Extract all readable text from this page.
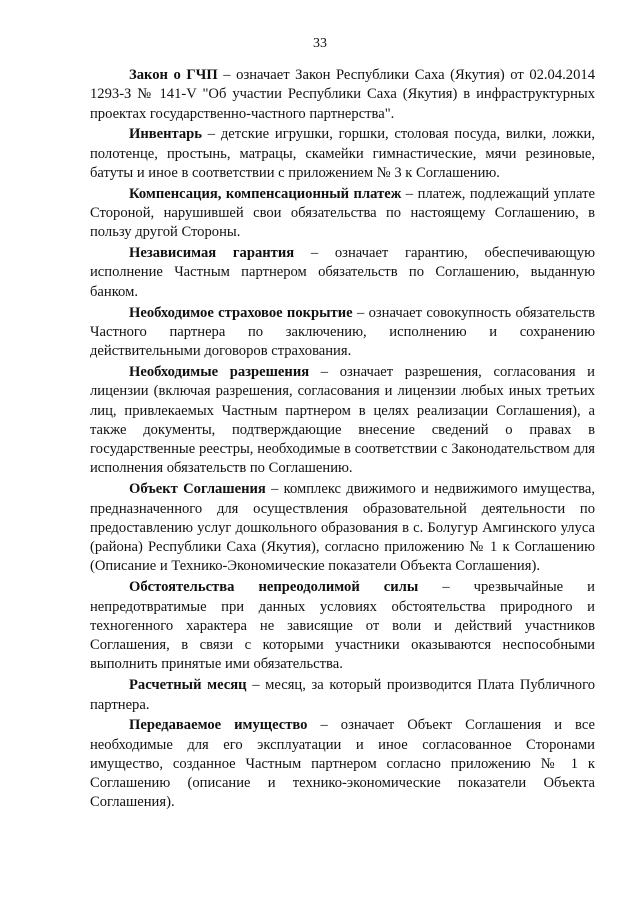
33

Закон о ГЧП – означает Закон Республики Саха (Якутия) от 02.04.2014 1293-З № 141-V "Об участии Республики Саха (Якутия) в инфраструктурных проектах государственно-частного партнерства".

Инвентарь – детские игрушки, горшки, столовая посуда, вилки, ложки, полотенце, простынь, матрацы, скамейки гимнастические, мячи резиновые, батуты и иное в соответствии с приложением № 3 к Соглашению.

Компенсация, компенсационный платеж – платеж, подлежащий уплате Стороной, нарушившей свои обязательства по настоящему Соглашению, в пользу другой Стороны.

Независимая гарантия – означает гарантию, обеспечивающую исполнение Частным партнером обязательств по Соглашению, выданную банком.

Необходимое страховое покрытие – означает совокупность обязательств Частного партнера по заключению, исполнению и сохранению действительными договоров страхования.

Необходимые разрешения – означает разрешения, согласования и лицензии (включая разрешения, согласования и лицензии любых иных третьих лиц, привлекаемых Частным партнером в целях реализации Соглашения), а также документы, подтверждающие внесение сведений о правах в государственные реестры, необходимые в соответствии с Законодательством для исполнения обязательств по Соглашению.

Объект Соглашения – комплекс движимого и недвижимого имущества, предназначенного для осуществления образовательной деятельности по предоставлению услуг дошкольного образования в с. Болугур Амгинского улуса (района) Республики Саха (Якутия), согласно приложению № 1 к Соглашению (Описание и Технико-Экономические показатели Объекта Соглашения).

Обстоятельства непреодолимой силы – чрезвычайные и непредотвратимые при данных условиях обстоятельства природного и техногенного характера не зависящие от воли и действий участников Соглашения, в связи с которыми участники оказываются неспособными выполнить принятые ими обязательства.

Расчетный месяц – месяц, за который производится Плата Публичного партнера.

Передаваемое имущество – означает Объект Соглашения и все необходимые для его эксплуатации и иное согласованное Сторонами имущество, созданное Частным партнером согласно приложению № 1 к Соглашению (описание и технико-экономические показатели Объекта Соглашения).
